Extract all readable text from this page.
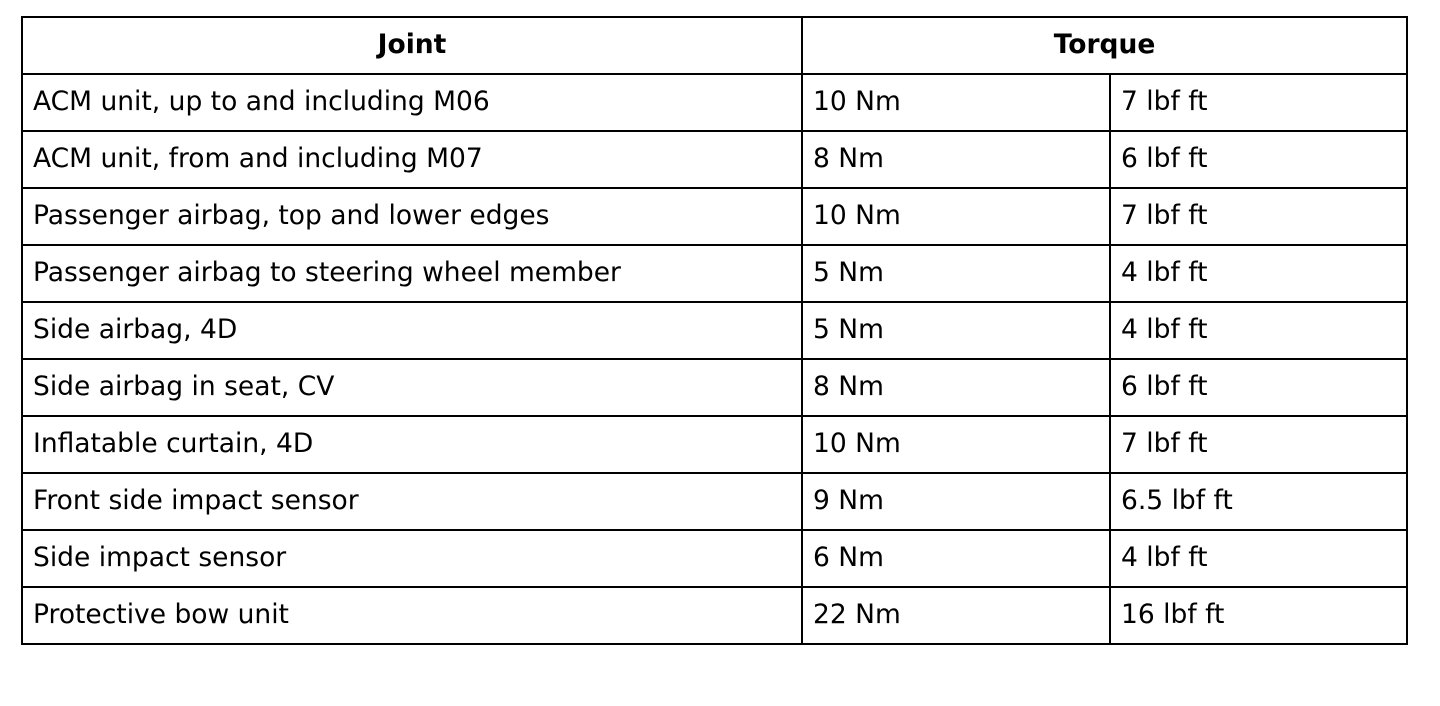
Joint	Torque	
ACM unit, up to and including M06	10 Nm	7 lbf ft
ACM unit, from and including M07	8 Nm	6 lbf ft
Passenger airbag, top and lower edges	10 Nm	7 lbf ft
Passenger airbag to steering wheel member	5 Nm	4 lbf ft
Side airbag, 4D	5 Nm	4 lbf ft
Side airbag in seat, CV	8 Nm	6 lbf ft
Inflatable curtain, 4D	10 Nm	7 lbf ft
Front side impact sensor	9 Nm	6.5 lbf ft
Side impact sensor	6 Nm	4 lbf ft
Protective bow unit	22 Nm	16 lbf ft
